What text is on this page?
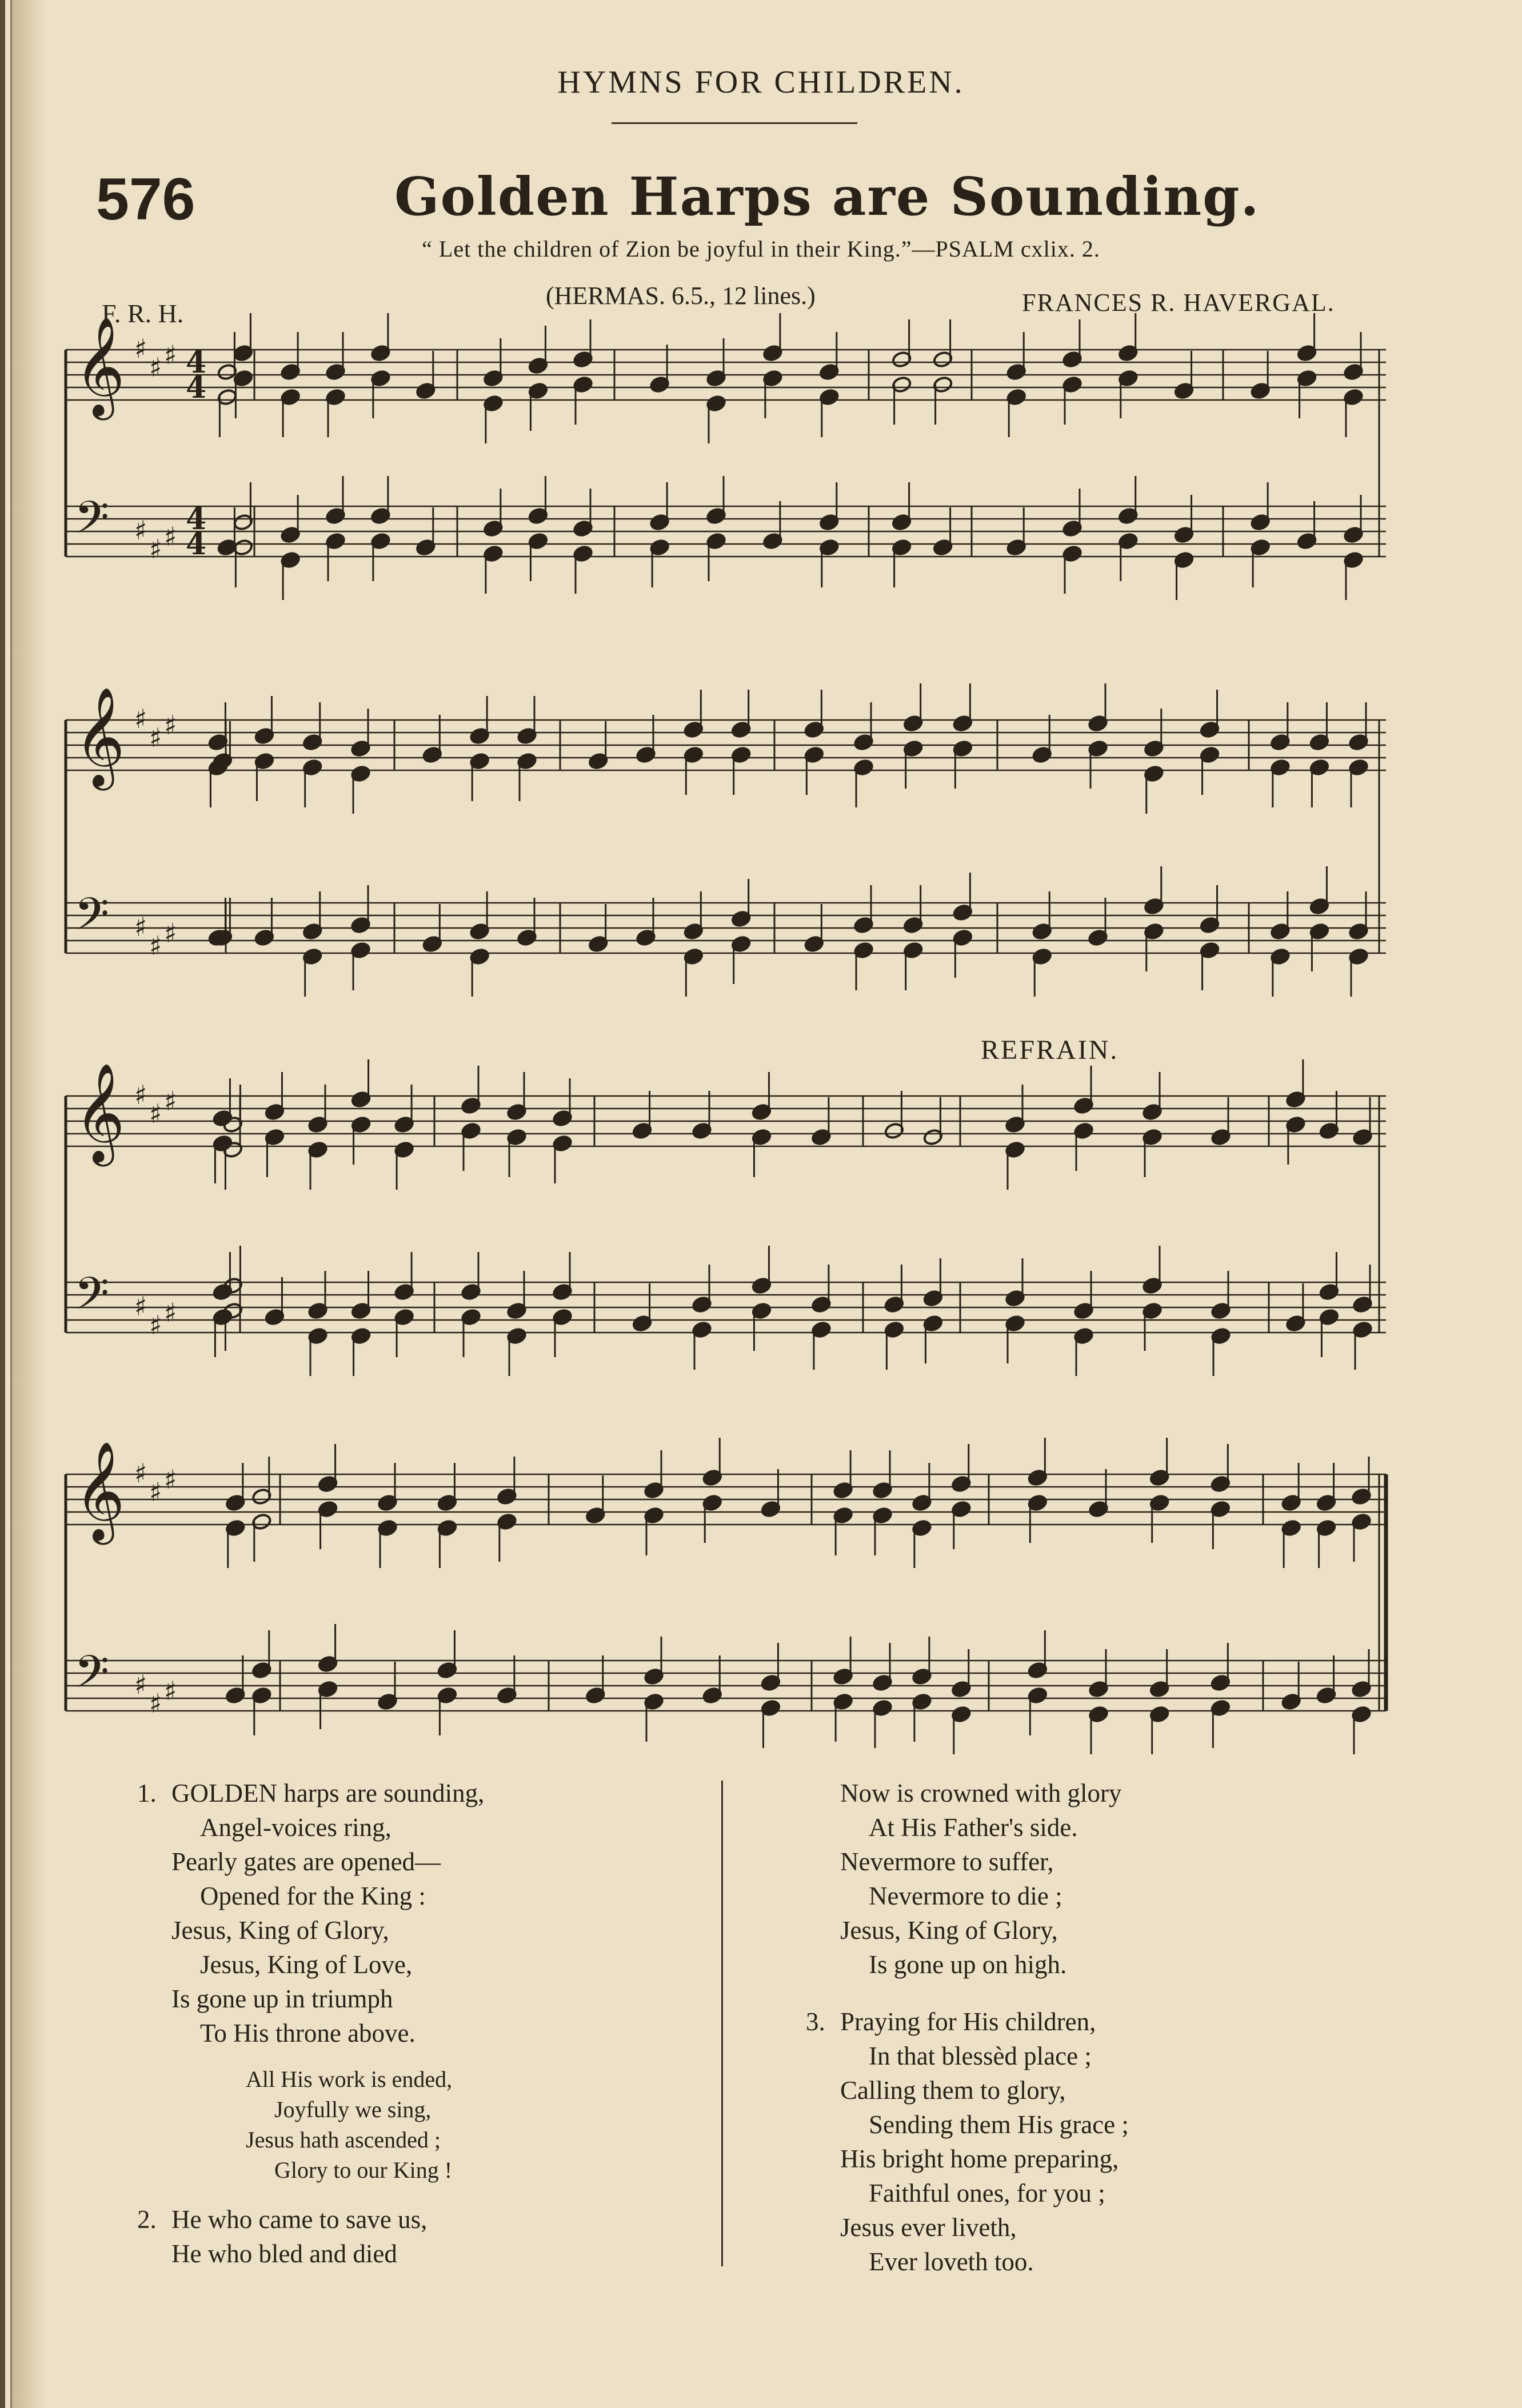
HYMNS FOR CHILDREN.
576	Golden Harps are Sounding.
“ Let the children of Zion be joyful in their King.”—PSALM cxlix. 2.
F. R. H.
(HERMAS. 6.5., 12 lines.)	FRANCES R. HAVERGAL.
REFRAIN.
𝄞 ♯
♯ ♯ 4
4
𝄢 ♯
♯ ♯ 4
4
𝄞 ♯
♯ ♯
𝄢 ♯
♯ ♯
𝄞 ♯
♯ ♯
𝄢 ♯
♯ ♯
𝄞 ♯
♯ ♯
𝄢 ♯
♯ ♯
1. GOLDEN harps are sounding,
Angel-voices ring,
Pearly gates are opened—
Opened for the King :
Jesus, King of Glory,
Jesus, King of Love,
Is gone up in triumph
To His throne above.
All His work is ended,
Joyfully we sing,
Jesus hath ascended ;
Glory to our King !
2. He who came to save us,
He who bled and died
Now is crowned with glory
At His Father's side.
Nevermore to suffer,
Nevermore to die ;
Jesus, King of Glory,
Is gone up on high.
3. Praying for His children,
In that blessèd place ;
Calling them to glory,
Sending them His grace ;
His bright home preparing,
Faithful ones, for you ;
Jesus ever liveth,
Ever loveth too.
